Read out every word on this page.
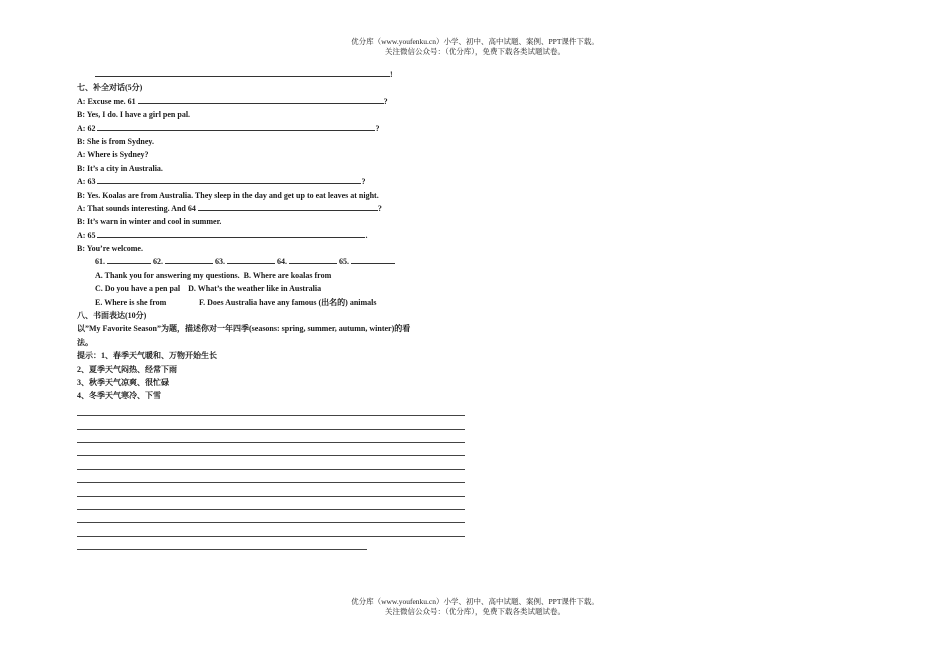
优分库（www.youfenku.cn）小学、初中、高中试题、案例、PPT课件下载。
关注微信公众号：（优分库），免费下载各类试题试卷。
!
七、补全对话(5分)
A: Excuse me. 61	?
B: Yes, I do. I have a girl pen pal.
A: 62	?
B: She is from Sydney.
A: Where is Sydney?
B: It’s a city in Australia.
A: 63	?
B: Yes. Koalas are from Australia. They sleep in the day and get up to eat leaves at night.
A: That sounds interesting. And 64	?
B: It’s warn in winter and cool in summer.
A: 65	.
B: You’re welcome.
61.	62.	63.	64.	65.
A. Thank you for answering my questions. B. Where are koalas from
C. Do you have a pen pal D. What’s the weather like in Australia
E. Where is she from	F. Does Australia have any famous (出名的) animals
八、书面表达(10分)
以”My Favorite Season”为题，描述你对一年四季(seasons: spring, summer, autumn, winter)的看
法。
提示：1、春季天气暖和、万物开始生长
2、夏季天气闷热、经常下雨
3、秋季天气凉爽、很忙碌
4、冬季天气寒冷、下雪
优分库（www.youfenku.cn）小学、初中、高中试题、案例、PPT课件下载。
关注微信公众号：（优分库），免费下载各类试题试卷。
